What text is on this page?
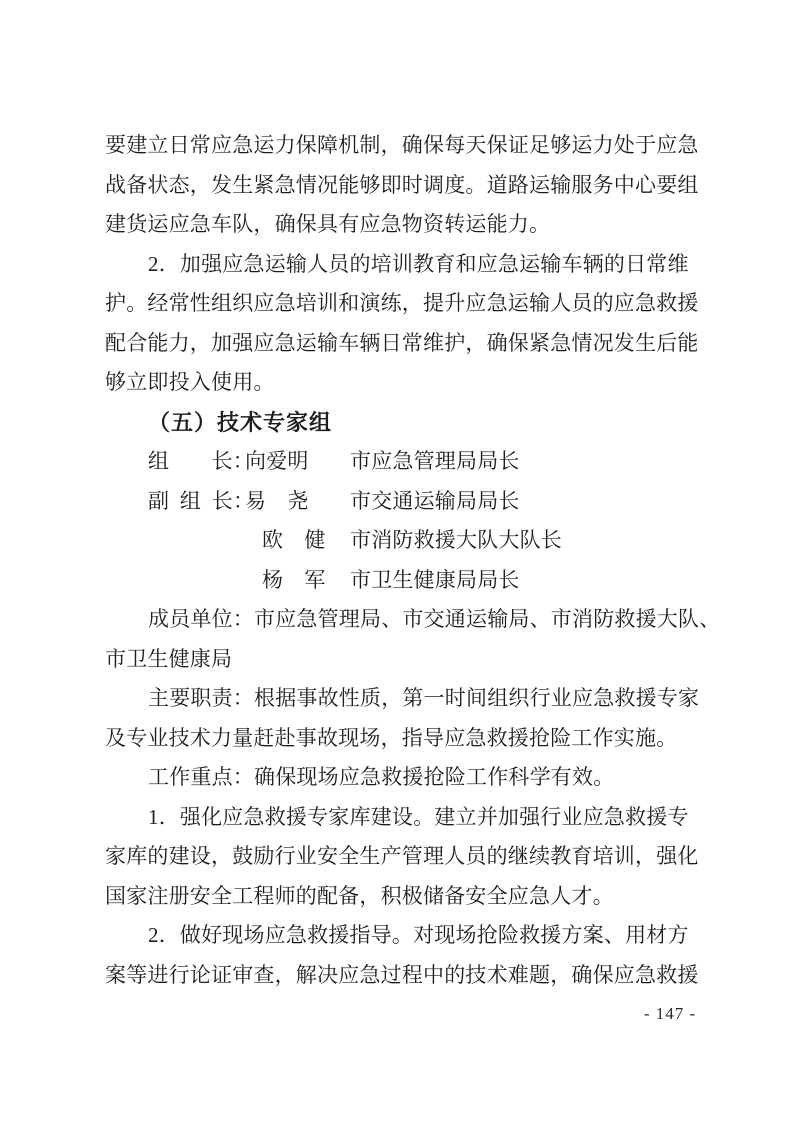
要建立日常应急运力保障机制，确保每天保证足够运力处于应急
战备状态，发生紧急情况能够即时调度。道路运输服务中心要组
建货运应急车队，确保具有应急物资转运能力。
2．加强应急运输人员的培训教育和应急运输车辆的日常维
护。经常性组织应急培训和演练，提升应急运输人员的应急救援
配合能力，加强应急运输车辆日常维护，确保紧急情况发生后能
够立即投入使用。
（五）技术专家组
组　　长：
向爱明	市应急管理局局长
副 组 长：
易　尧	市交通运输局局长
欧　健	市消防救援大队大队长
杨　军	市卫生健康局局长
成员单位：市应急管理局、市交通运输局、市消防救援大队、
市卫生健康局
主要职责：根据事故性质，第一时间组织行业应急救援专家
及专业技术力量赶赴事故现场，指导应急救援抢险工作实施。
工作重点：确保现场应急救援抢险工作科学有效。
1．强化应急救援专家库建设。建立并加强行业应急救援专
家库的建设，鼓励行业安全生产管理人员的继续教育培训，强化
国家注册安全工程师的配备，积极储备安全应急人才。
2．做好现场应急救援指导。对现场抢险救援方案、用材方
案等进行论证审查，解决应急过程中的技术难题，确保应急救援
- 147 -
